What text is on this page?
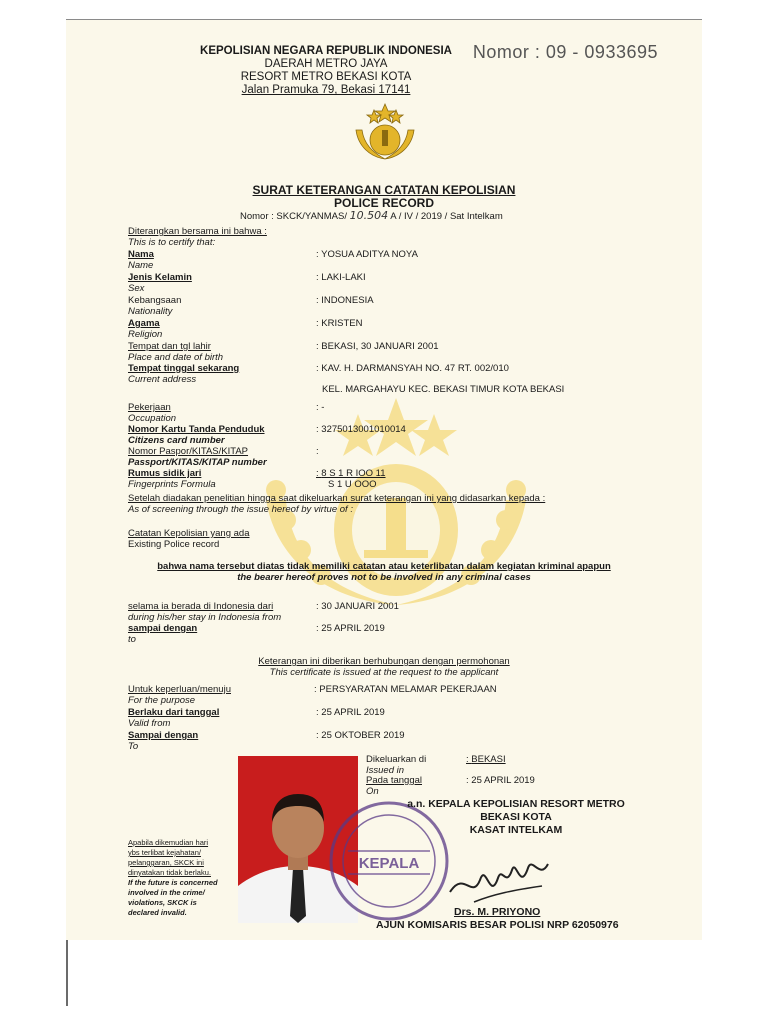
KEPOLISIAN NEGARA REPUBLIK INDONESIA
DAERAH METRO JAYA
RESORT METRO BEKASI KOTA
Jalan Pramuka 79, Bekasi 17141
Nomor : 09 - 0933695
SURAT KETERANGAN CATATAN KEPOLISIAN
POLICE RECORD
Nomor : SKCK/YANMAS/ 10.504 A / IV / 2019 / Sat Intelkam
Diterangkan bersama ini bahwa :
This is to certify that:
Nama
Name
: YOSUA ADITYA NOYA
Jenis Kelamin
Sex
: LAKI-LAKI
Kebangsaan
Nationality
: INDONESIA
Agama
Religion
: KRISTEN
Tempat dan tgl lahir
Place and date of birth
: BEKASI, 30 JANUARI 2001
Tempat tinggal sekarang
Current address
: KAV. H. DARMANSYAH NO. 47 RT. 002/010
KEL. MARGAHAYU KEC. BEKASI TIMUR KOTA BEKASI
Pekerjaan
Occupation
: -
Nomor Kartu Tanda Penduduk
Citizens card number
: 3275013001010014
Nomor Paspor/KITAS/KITAP
Passport/KITAS/KITAP number
:
Rumus sidik jari
Fingerprints Formula
: 8 S 1 R IOO 11
S 1 U OOO
Setelah diadakan penelitian hingga saat dikeluarkan surat keterangan ini yang didasarkan kepada :
As of screening through the issue hereof by virtue of :
Catatan Kepolisian yang ada
Existing Police record
bahwa nama tersebut diatas tidak memiliki catatan atau keterlibatan dalam kegiatan kriminal apapun
the bearer hereof proves not to be involved in any criminal cases
selama ia berada di Indonesia dari
during his/her stay in Indonesia from
: 30 JANUARI 2001
sampai dengan
to
: 25 APRIL 2019
Keterangan ini diberikan berhubungan dengan permohonan
This certificate is issued at the request to the applicant
Untuk keperluan/menuju
For the purpose
: PERSYARATAN MELAMAR PEKERJAAN
Berlaku dari tanggal
Valid from
: 25 APRIL 2019
Sampai dengan
To
: 25 OKTOBER 2019
Dikeluarkan di
Issued in
: BEKASI
Pada tanggal
On
: 25 APRIL 2019
KEPALA
a.n. KEPALA KEPOLISIAN RESORT METRO
BEKASI KOTA
KASAT INTELKAM
Drs. M. PRIYONO
AJUN KOMISARIS BESAR POLISI NRP 62050976
Apabila dikemudian hari
ybs terlibat kejahatan/
pelanggaran, SKCK ini
dinyatakan tidak berlaku.
If the future is concerned
involved in the crime/
violations, SKCK is
declared invalid.
